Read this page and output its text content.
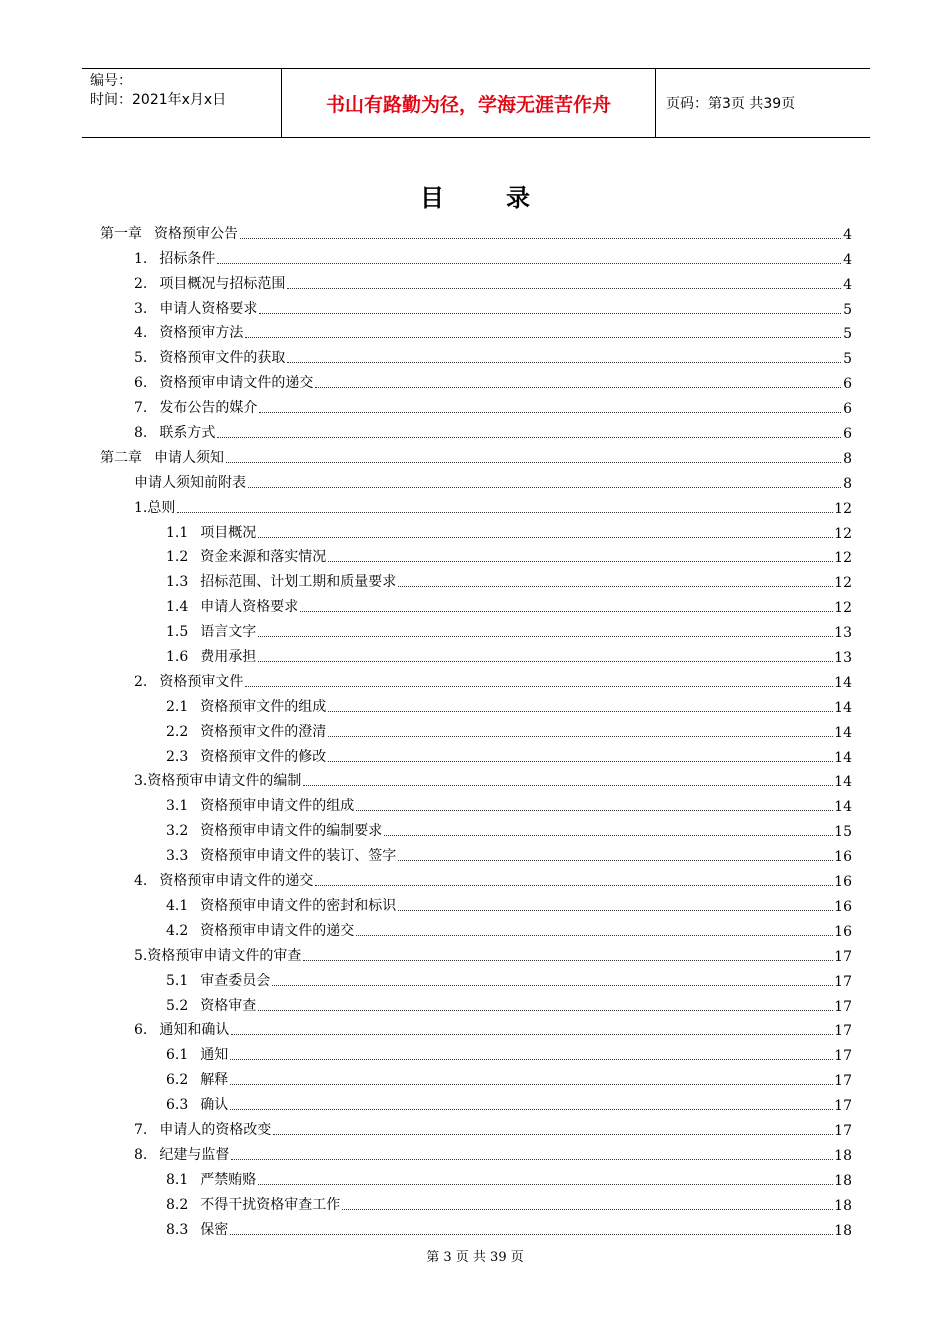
编号：
时间：2021年x月x日	书山有路勤为径，学海无涯苦作舟	页码：第3页 共39页
目录
第一章 资格预审公告	4
1. 招标条件	4
2. 项目概况与招标范围	4
3. 申请人资格要求	5
4. 资格预审方法	5
5. 资格预审文件的获取	5
6. 资格预审申请文件的递交	6
7. 发布公告的媒介	6
8. 联系方式	6
第二章 申请人须知	8
申请人须知前附表	8
1.总则	12
1.1 项目概况	12
1.2 资金来源和落实情况	12
1.3 招标范围、计划工期和质量要求	12
1.4 申请人资格要求	12
1.5 语言文字	13
1.6 费用承担	13
2. 资格预审文件	14
2.1 资格预审文件的组成	14
2.2 资格预审文件的澄清	14
2.3 资格预审文件的修改	14
3.资格预审申请文件的编制	14
3.1 资格预审申请文件的组成	14
3.2 资格预审申请文件的编制要求	15
3.3 资格预审申请文件的装订、签字	16
4. 资格预审申请文件的递交	16
4.1 资格预审申请文件的密封和标识	16
4.2 资格预审申请文件的递交	16
5.资格预审申请文件的审查	17
5.1 审查委员会	17
5.2 资格审查	17
6. 通知和确认	17
6.1 通知	17
6.2 解释	17
6.3 确认	17
7. 申请人的资格改变	17
8. 纪建与监督	18
8.1 严禁贿赂	18
8.2 不得干扰资格审查工作	18
8.3 保密	18
第 3 页 共 39 页
